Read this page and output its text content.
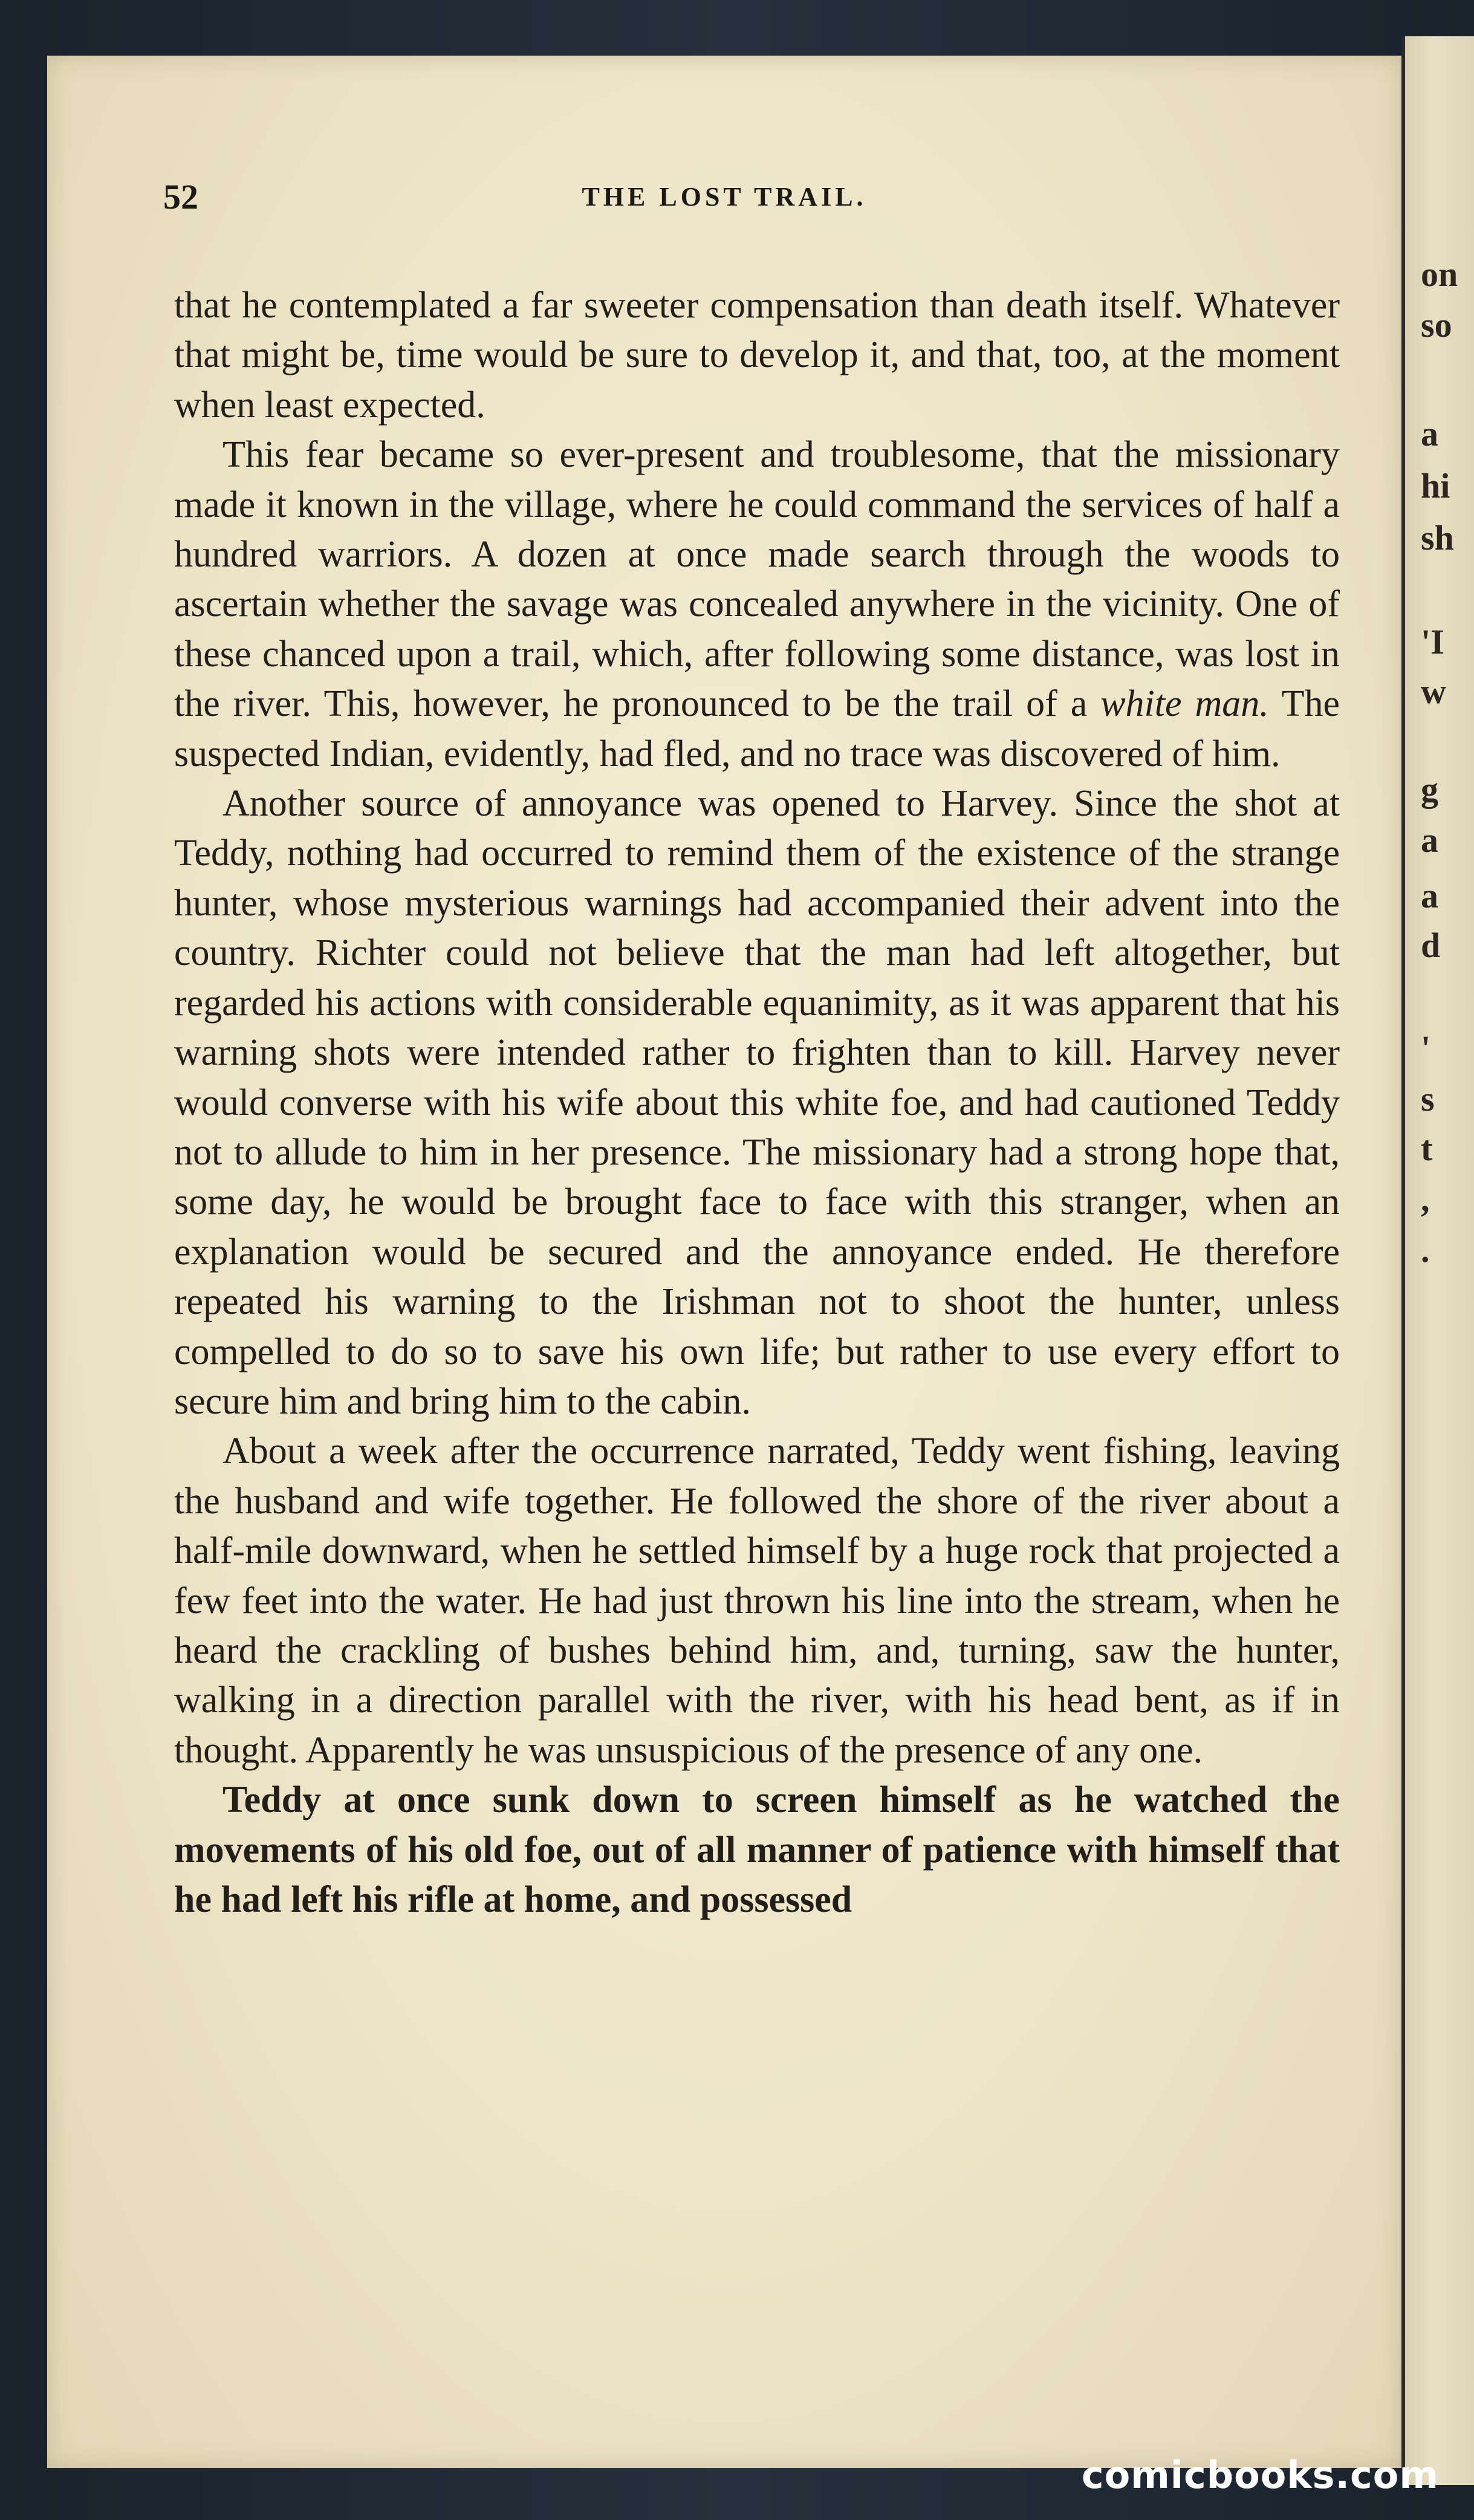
on
so
a
hi
sh
'I
w
g
a
a
d
'
s
t
,
.
52	THE LOST TRAIL.

that he contemplated a far sweeter compensation than death itself. Whatever that might be, time would be sure to develop it, and that, too, at the moment when least expected.

This fear became so ever-present and troublesome, that the missionary made it known in the village, where he could command the services of half a hundred warriors. A dozen at once made search through the woods to ascertain whether the savage was concealed anywhere in the vicinity. One of these chanced upon a trail, which, after following some distance, was lost in the river. This, however, he pronounced to be the trail of a white man. The suspected Indian, evidently, had fled, and no trace was discovered of him.

Another source of annoyance was opened to Harvey. Since the shot at Teddy, nothing had occurred to remind them of the existence of the strange hunter, whose mysterious warnings had accompanied their advent into the country. Richter could not believe that the man had left altogether, but regarded his actions with considerable equanimity, as it was apparent that his warning shots were intended rather to frighten than to kill. Harvey never would converse with his wife about this white foe, and had cautioned Teddy not to allude to him in her presence. The missionary had a strong hope that, some day, he would be brought face to face with this stranger, when an explanation would be secured and the annoyance ended. He therefore repeated his warning to the Irishman not to shoot the hunter, unless compelled to do so to save his own life; but rather to use every effort to secure him and bring him to the cabin.

About a week after the occurrence narrated, Teddy went fishing, leaving the husband and wife together. He followed the shore of the river about a half-mile downward, when he settled himself by a huge rock that projected a few feet into the water. He had just thrown his line into the stream, when he heard the crackling of bushes behind him, and, turning, saw the hunter, walking in a direction parallel with the river, with his head bent, as if in thought. Apparently he was unsuspicious of the presence of any one.

Teddy at once sunk down to screen himself as he watched the movements of his old foe, out of all manner of patience with himself that he had left his rifle at home, and possessed

comicbooks.com
